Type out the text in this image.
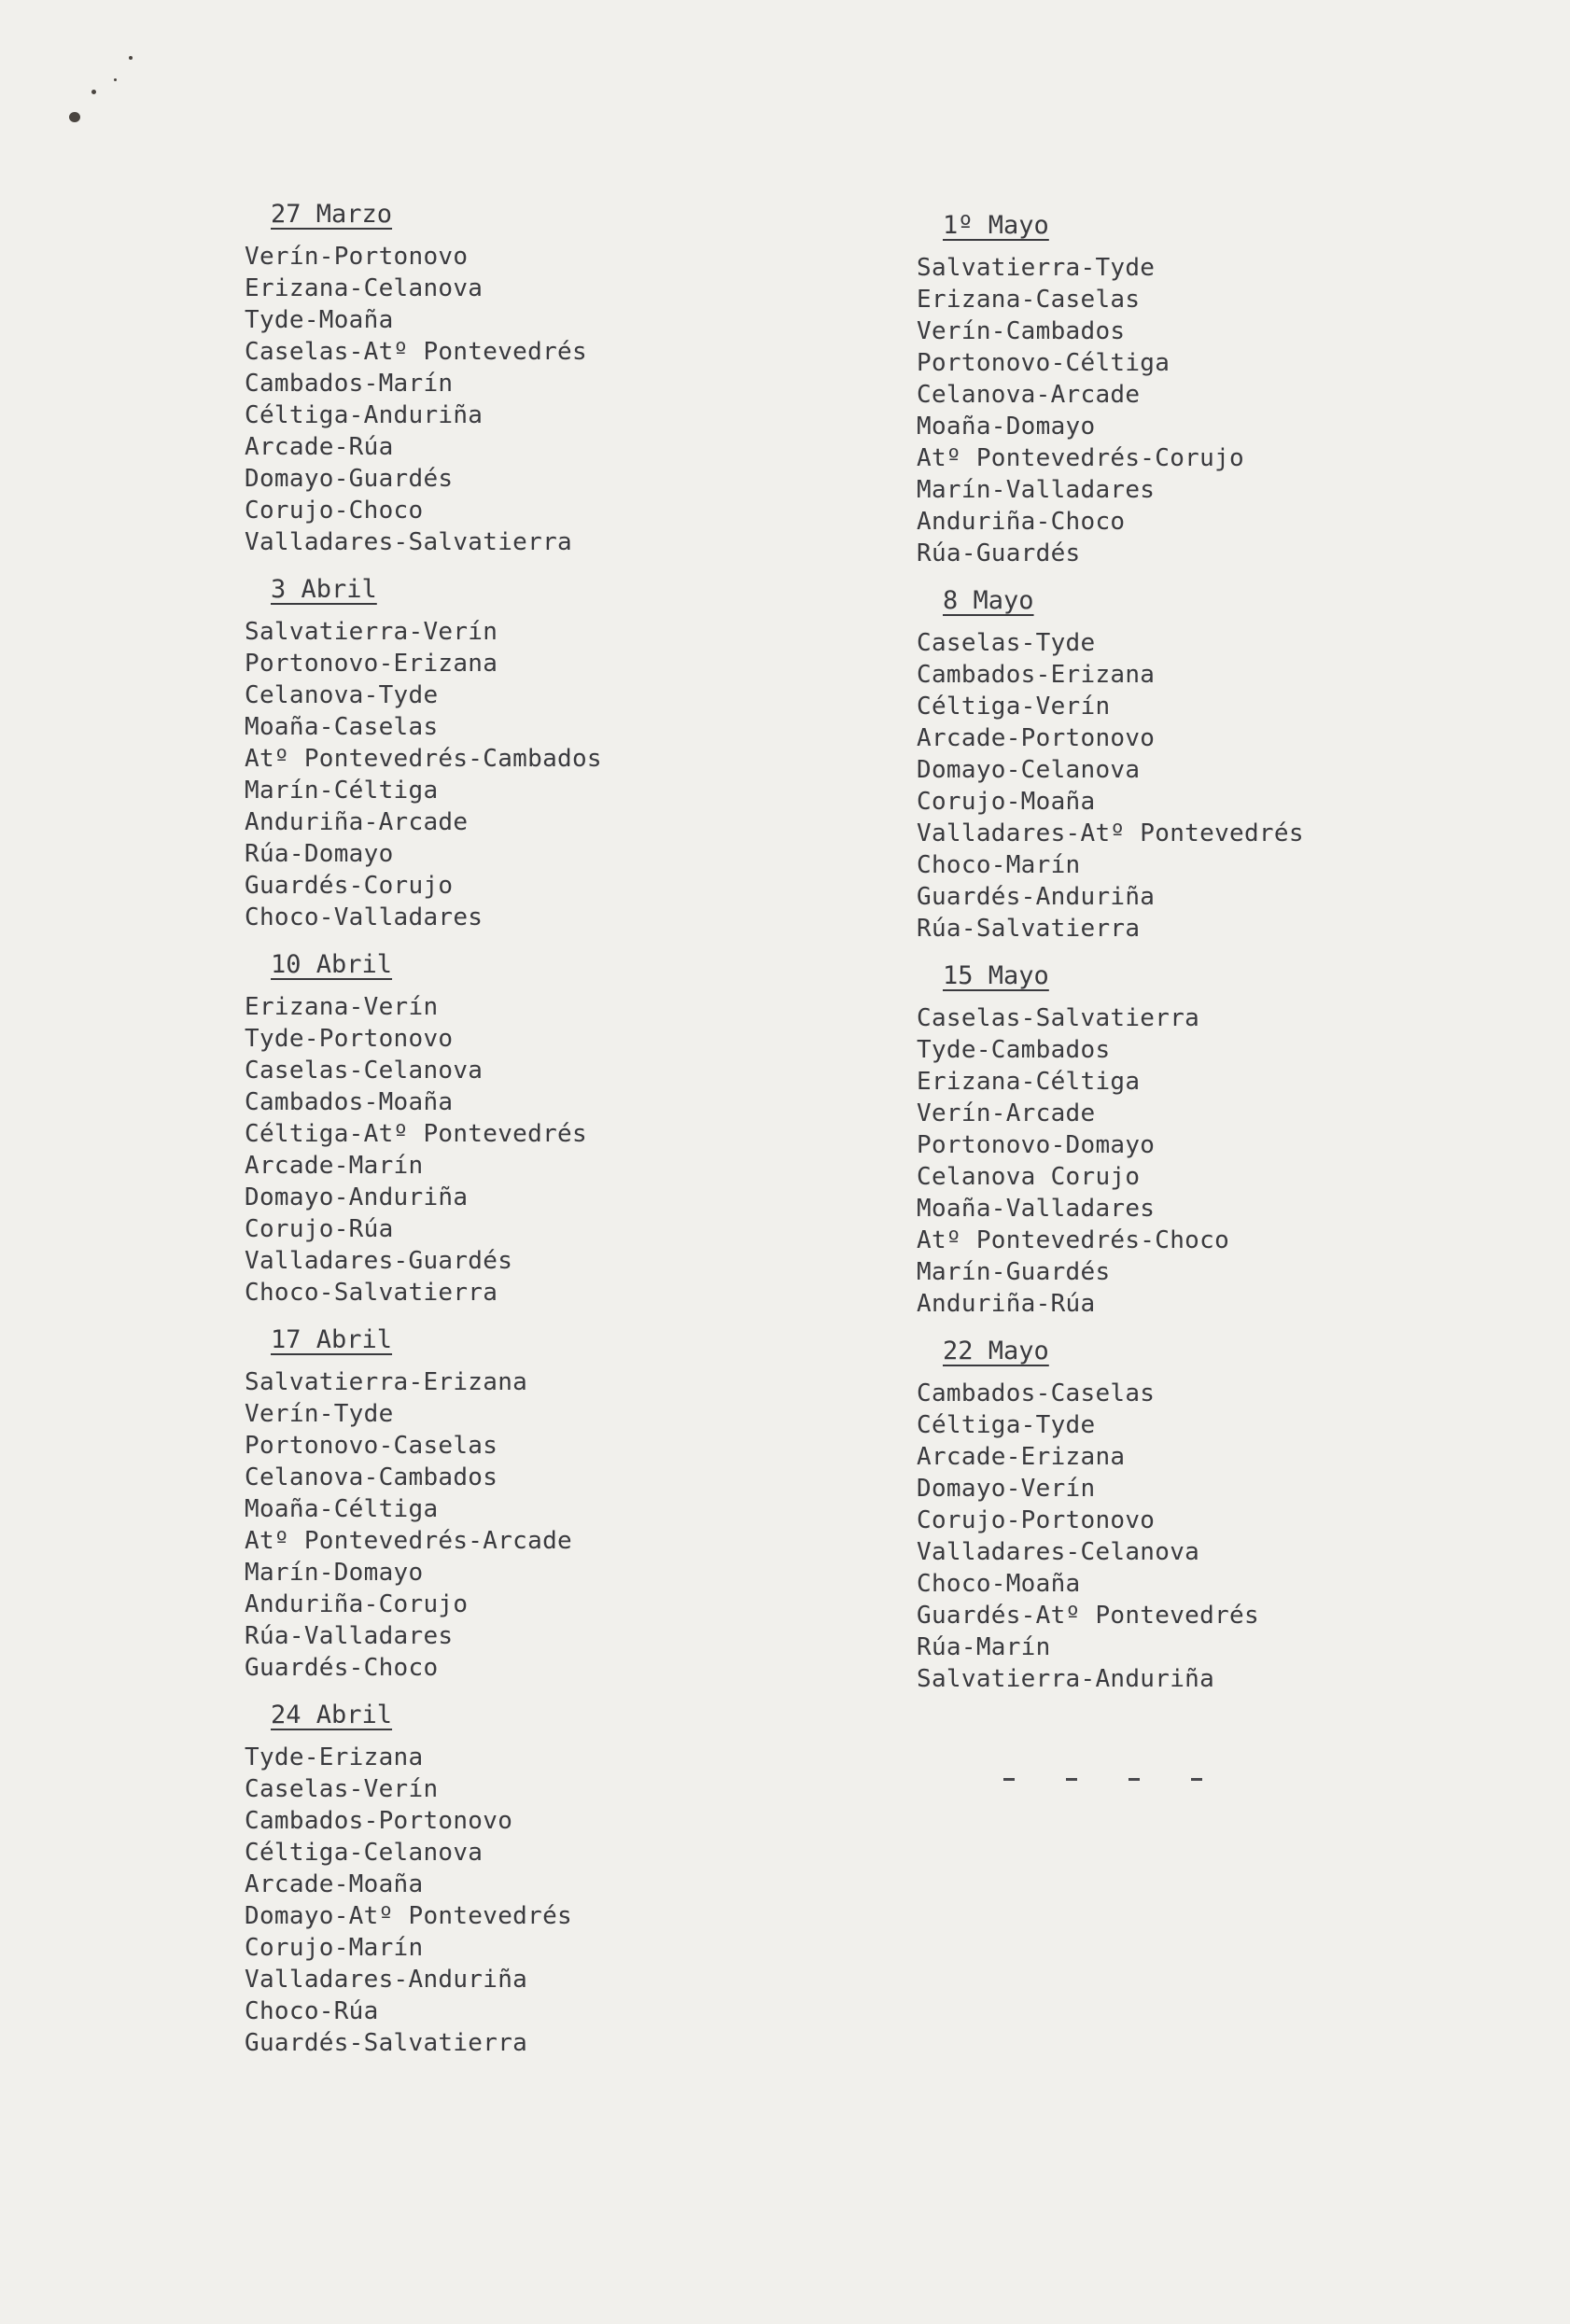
27 Marzo
Verín-Portonovo
Erizana-Celanova
Tyde-Moaña
Caselas-Atº Pontevedrés
Cambados-Marín
Céltiga-Anduriña
Arcade-Rúa
Domayo-Guardés
Corujo-Choco
Valladares-Salvatierra
3 Abril
Salvatierra-Verín
Portonovo-Erizana
Celanova-Tyde
Moaña-Caselas
Atº Pontevedrés-Cambados
Marín-Céltiga
Anduriña-Arcade
Rúa-Domayo
Guardés-Corujo
Choco-Valladares
10 Abril
Erizana-Verín
Tyde-Portonovo
Caselas-Celanova
Cambados-Moaña
Céltiga-Atº Pontevedrés
Arcade-Marín
Domayo-Anduriña
Corujo-Rúa
Valladares-Guardés
Choco-Salvatierra
17 Abril
Salvatierra-Erizana
Verín-Tyde
Portonovo-Caselas
Celanova-Cambados
Moaña-Céltiga
Atº Pontevedrés-Arcade
Marín-Domayo
Anduriña-Corujo
Rúa-Valladares
Guardés-Choco
24 Abril
Tyde-Erizana
Caselas-Verín
Cambados-Portonovo
Céltiga-Celanova
Arcade-Moaña
Domayo-Atº Pontevedrés
Corujo-Marín
Valladares-Anduriña
Choco-Rúa
Guardés-Salvatierra
1º Mayo
Salvatierra-Tyde
Erizana-Caselas
Verín-Cambados
Portonovo-Céltiga
Celanova-Arcade
Moaña-Domayo
Atº Pontevedrés-Corujo
Marín-Valladares
Anduriña-Choco
Rúa-Guardés
8 Mayo
Caselas-Tyde
Cambados-Erizana
Céltiga-Verín
Arcade-Portonovo
Domayo-Celanova
Corujo-Moaña
Valladares-Atº Pontevedrés
Choco-Marín
Guardés-Anduriña
Rúa-Salvatierra
15 Mayo
Caselas-Salvatierra
Tyde-Cambados
Erizana-Céltiga
Verín-Arcade
Portonovo-Domayo
Celanova Corujo
Moaña-Valladares
Atº Pontevedrés-Choco
Marín-Guardés
Anduriña-Rúa
22 Mayo
Cambados-Caselas
Céltiga-Tyde
Arcade-Erizana
Domayo-Verín
Corujo-Portonovo
Valladares-Celanova
Choco-Moaña
Guardés-Atº Pontevedrés
Rúa-Marín
Salvatierra-Anduriña
